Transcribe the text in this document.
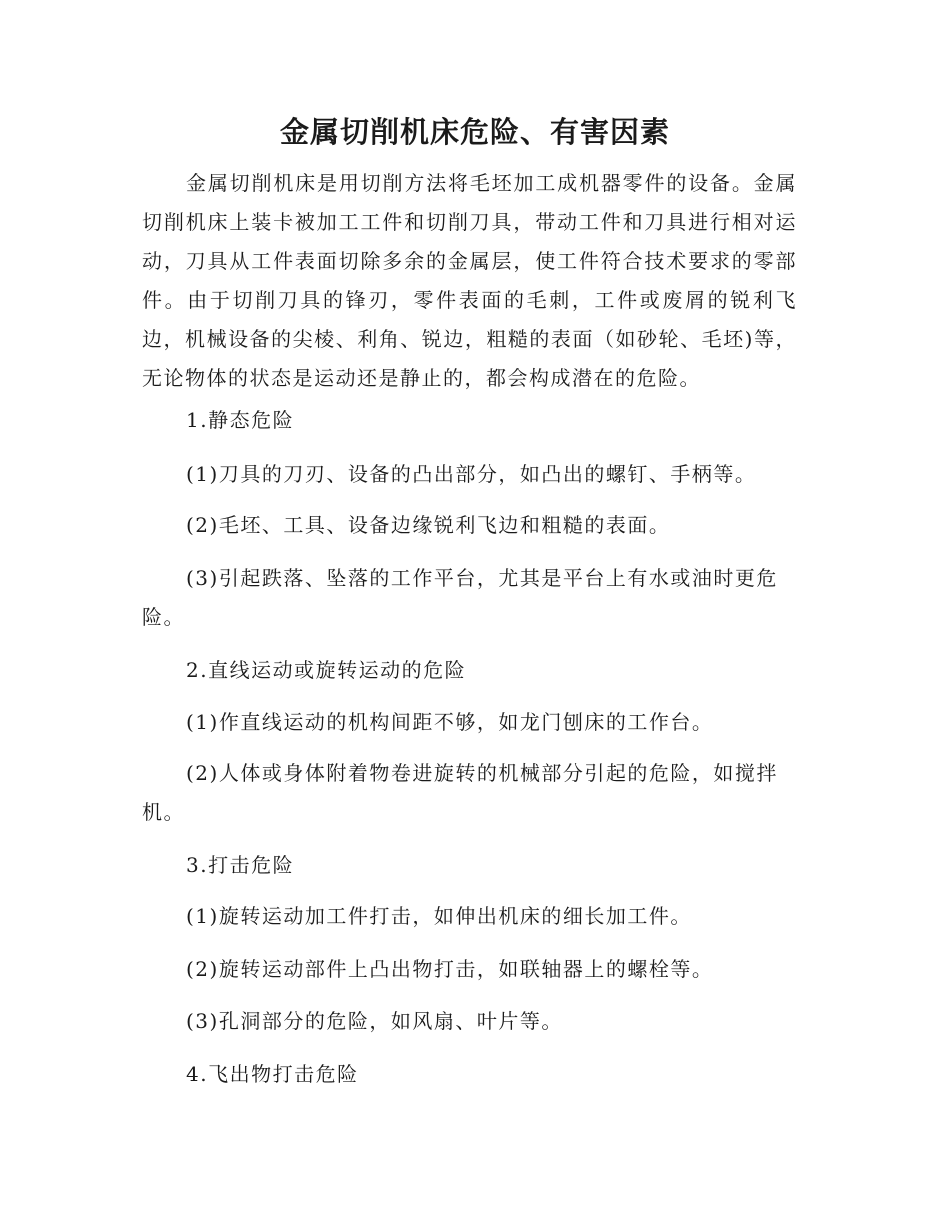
金属切削机床危险、有害因素
金属切削机床是用切削方法将毛坯加工成机器零件的设备。金属切削机床上装卡被加工工件和切削刀具，带动工件和刀具进行相对运动，刀具从工件表面切除多余的金属层，使工件符合技术要求的零部件。由于切削刀具的锋刃，零件表面的毛刺，工件或废屑的锐利飞边，机械设备的尖棱、利角、锐边，粗糙的表面（如砂轮、毛坯)等，无论物体的状态是运动还是静止的，都会构成潜在的危险。
1.静态危险
(1)刀具的刀刃、设备的凸出部分，如凸出的螺钉、手柄等。
(2)毛坯、工具、设备边缘锐利飞边和粗糙的表面。
(3)引起跌落、坠落的工作平台，尤其是平台上有水或油时更危险。
2.直线运动或旋转运动的危险
(1)作直线运动的机构间距不够，如龙门刨床的工作台。
(2)人体或身体附着物卷进旋转的机械部分引起的危险，如搅拌机。
3.打击危险
(1)旋转运动加工件打击，如伸出机床的细长加工件。
(2)旋转运动部件上凸出物打击，如联轴器上的螺栓等。
(3)孔洞部分的危险，如风扇、叶片等。
4.飞出物打击危险
